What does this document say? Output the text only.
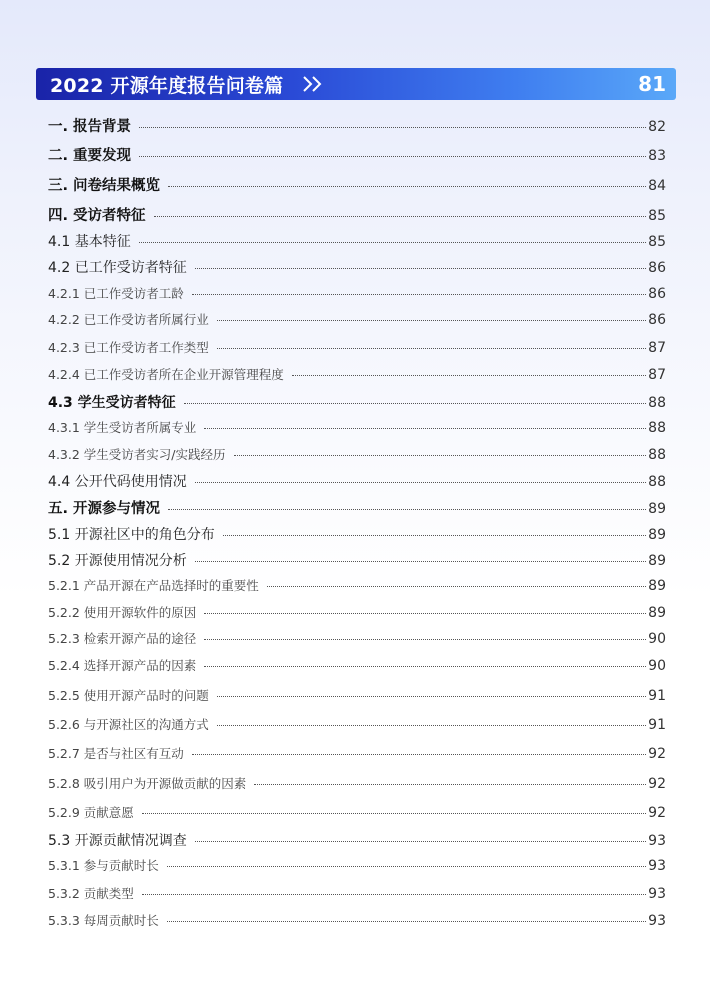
2022 开源年度报告问卷篇	81
一. 报告背景	82
二. 重要发现	83
三. 问卷结果概览	84
四. 受访者特征	85
4.1 基本特征	85
4.2 已工作受访者特征	86
4.2.1 已工作受访者工龄	86
4.2.2 已工作受访者所属行业	86
4.2.3 已工作受访者工作类型	87
4.2.4 已工作受访者所在企业开源管理程度	87
4.3 学生受访者特征	88
4.3.1 学生受访者所属专业	88
4.3.2 学生受访者实习/实践经历	88
4.4 公开代码使用情况	88
五. 开源参与情况	89
5.1 开源社区中的角色分布	89
5.2 开源使用情况分析	89
5.2.1 产品开源在产品选择时的重要性	89
5.2.2 使用开源软件的原因	89
5.2.3 检索开源产品的途径	90
5.2.4 选择开源产品的因素	90
5.2.5 使用开源产品时的问题	91
5.2.6 与开源社区的沟通方式	91
5.2.7 是否与社区有互动	92
5.2.8 吸引用户为开源做贡献的因素	92
5.2.9 贡献意愿	92
5.3 开源贡献情况调查	93
5.3.1 参与贡献时长	93
5.3.2 贡献类型	93
5.3.3 每周贡献时长	93
